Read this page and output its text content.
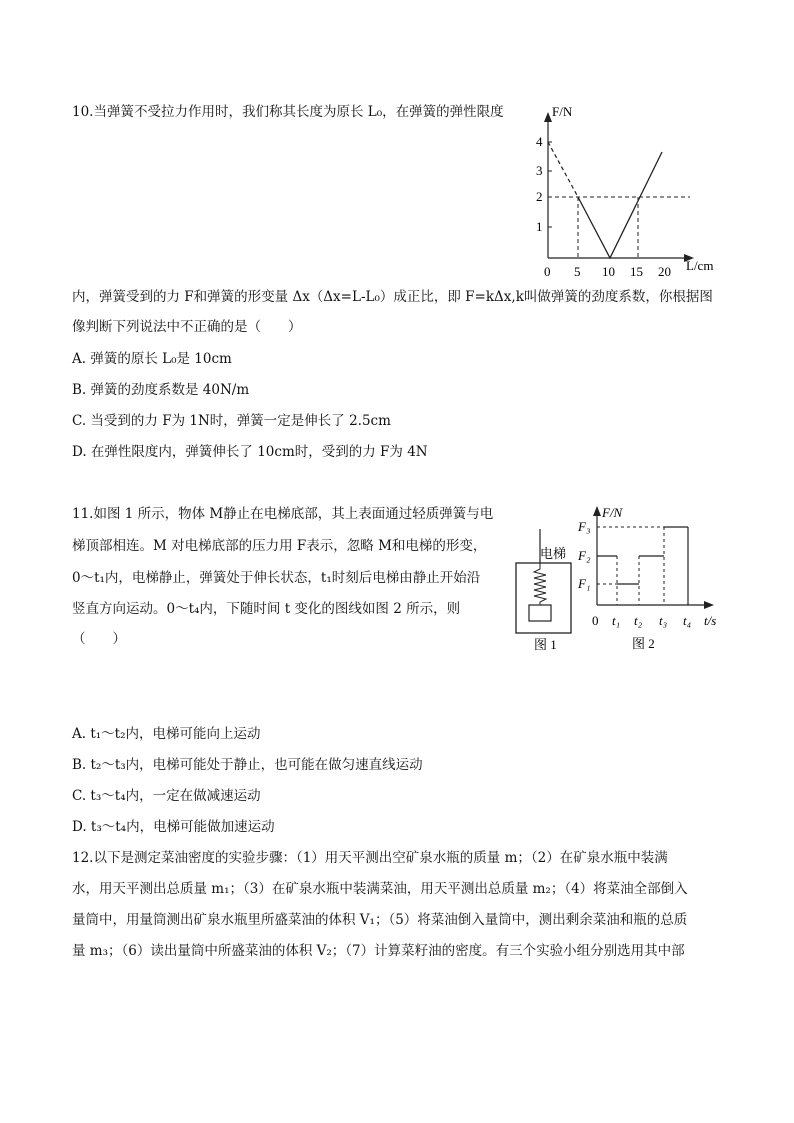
10.当弹簧不受拉力作用时，我们称其长度为原长 L₀，在弹簧的弹性限度	F/N
L/cm
0
1
2
3
4
5 10 15 20
内，弹簧受到的力 F和弹簧的形变量 Δx（Δx=L-L₀）成正比，即 F=kΔx,k叫做弹簧的劲度系数，你根据图
像判断下列说法中不正确的是（　　）
A. 弹簧的原长 L₀是 10cm
B. 弹簧的劲度系数是 40N/m
C. 当受到的力 F为 1N时，弹簧一定是伸长了 2.5cm
D. 在弹性限度内，弹簧伸长了 10cm时，受到的力 F为 4N
11.如图 1 所示，物体 M静止在电梯底部，其上表面通过轻质弹簧与电
梯顶部相连。M 对电梯底部的压力用 F表示，忽略 M和电梯的形变，
0～t₁内，电梯静止，弹簧处于伸长状态，t₁时刻后电梯由静止开始沿
竖直方向运动。0～t₄内，下随时间 t 变化的图线如图 2 所示，则
（　　）
电梯
图 1
F/N
t/s
0
F₃
F₂
F₁
t₁ t₂ t₃ t₄
图 2
A. t₁～t₂内，电梯可能向上运动
B. t₂～t₃内，电梯可能处于静止，也可能在做匀速直线运动
C. t₃～t₄内，一定在做减速运动
D. t₃～t₄内，电梯可能做加速运动
12.以下是测定菜油密度的实验步骤：（1）用天平测出空矿泉水瓶的质量 m；（2）在矿泉水瓶中装满
水，用天平测出总质量 m₁；（3）在矿泉水瓶中装满菜油，用天平测出总质量 m₂；（4）将菜油全部倒入
量筒中，用量筒测出矿泉水瓶里所盛菜油的体积 V₁；（5）将菜油倒入量筒中，测出剩余菜油和瓶的总质
量 m₃；（6）读出量筒中所盛菜油的体积 V₂；（7）计算菜籽油的密度。有三个实验小组分别选用其中部
